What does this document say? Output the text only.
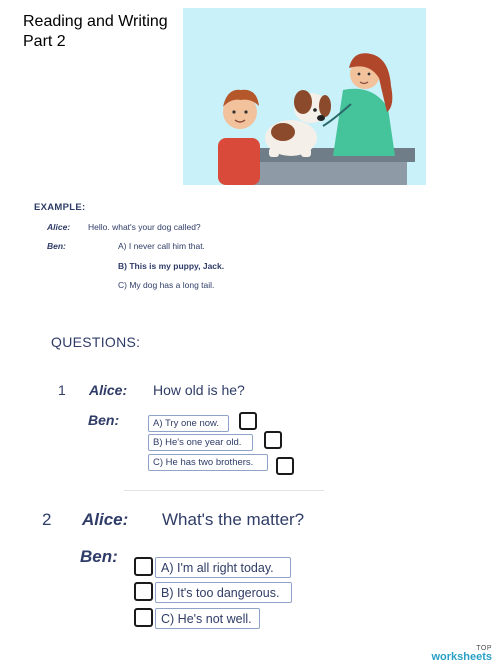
Reading and Writing
Part 2
EXAMPLE:
Alice: Hello. what's your dog called?
Ben:	A) I never call him that.
B) This is my puppy, Jack.
C) My dog has a long tail.
QUESTIONS:
1 Alice: How old is he?
Ben:	A) Try one now.
B) He's one year old.
C) He has two brothers.
2 Alice: What's the matter?
Ben:
A) I'm all right today.
B) It's too dangerous.
C) He's not well.
TOP
worksheets
